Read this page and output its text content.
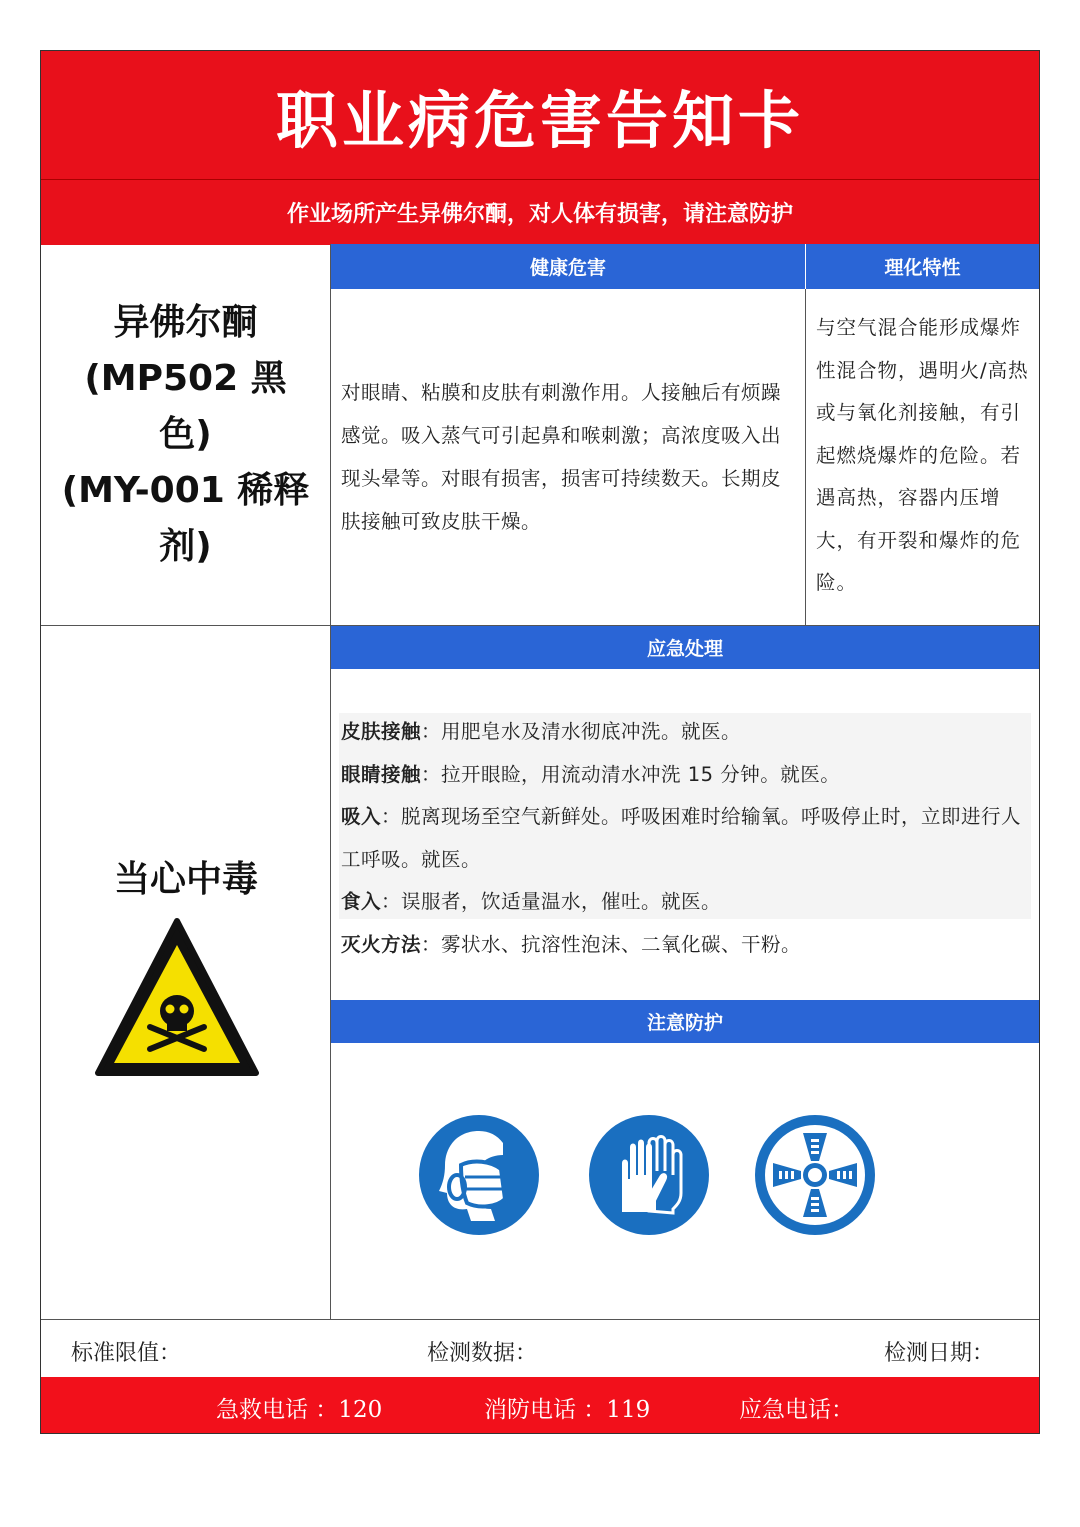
职业病危害告知卡
作业场所产生异佛尔酮，对人体有损害，请注意防护
异佛尔酮
(MP502 黑色)
(MY-001 稀释
剂)
健康危害	理化特性

对眼睛、粘膜和皮肤有刺激作用。人接触后有烦躁感觉。吸入蒸气可引起鼻和喉刺激；高浓度吸入出现头晕等。对眼有损害，损害可持续数天。长期皮肤接触可致皮肤干燥。

与空气混合能形成爆炸性混合物，遇明火/高热或与氧化剂接触，有引起燃烧爆炸的危险。若遇高热，容器内压增大，有开裂和爆炸的危险。

当心中毒
应急处理
皮肤接触：用肥皂水及清水彻底冲洗。就医。
眼睛接触：拉开眼睑，用流动清水冲洗 15 分钟。就医。
吸入：脱离现场至空气新鲜处。呼吸困难时给输氧。呼吸停止时，立即进行人工呼吸。就医。
食入：误服者，饮适量温水，催吐。就医。
灭火方法：雾状水、抗溶性泡沫、二氧化碳、干粉。
注意防护
标准限值：	检测数据：	检测日期：
急救电话 ：120	消防电话 ：119	应急电话：
